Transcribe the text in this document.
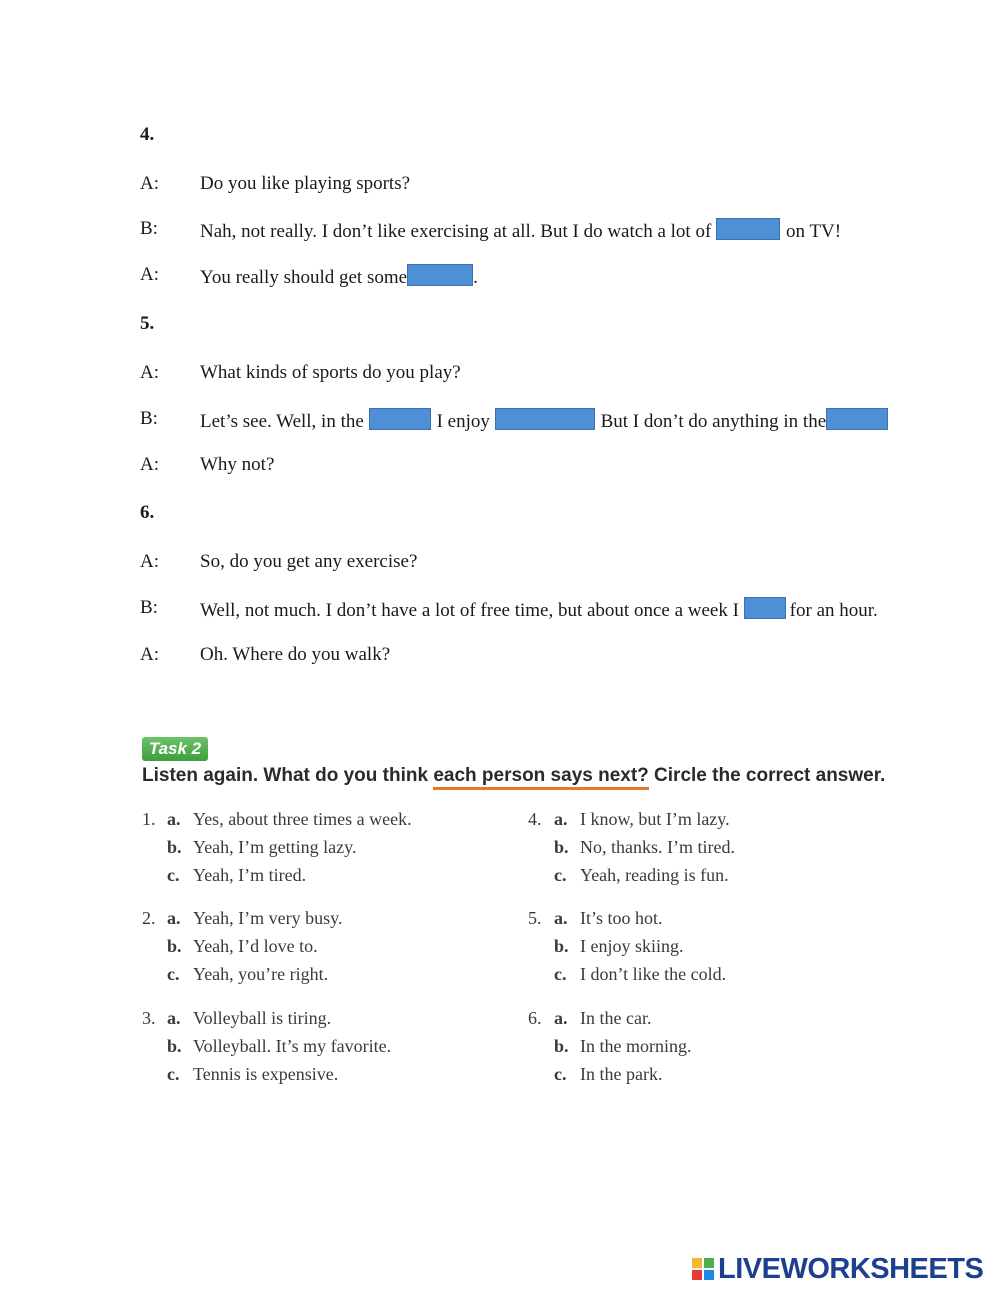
4.
A: Do you like playing sports?
B: Nah, not really. I don’t like exercising at all. But I do watch a lot of	on TV!
A: You really should get some	.
5.
A: What kinds of sports do you play?
B: Let’s see. Well, in the	I enjoy	But I don’t do anything in the
A: Why not?
6.
A: So, do you get any exercise?
B: Well, not much. I don’t have a lot of free time, but about once a week I for an hour.
A: Oh. Where do you walk?
Task 2
Listen again. What do you think each person says next? Circle the correct answer.
1. a. Yes, about three times a week.
b. Yeah, I’m getting lazy.
c. Yeah, I’m tired.
2. a. Yeah, I’m very busy.
b. Yeah, I’d love to.
c. Yeah, you’re right.
3. a. Volleyball is tiring.
b. Volleyball. It’s my favorite.
c. Tennis is expensive.
4. a. I know, but I’m lazy.
b. No, thanks. I’m tired.
c. Yeah, reading is fun.
5. a. It’s too hot.
b. I enjoy skiing.
c. I don’t like the cold.
6. a. In the car.
b. In the morning.
c. In the park.
LIVEWORKSHEETS
